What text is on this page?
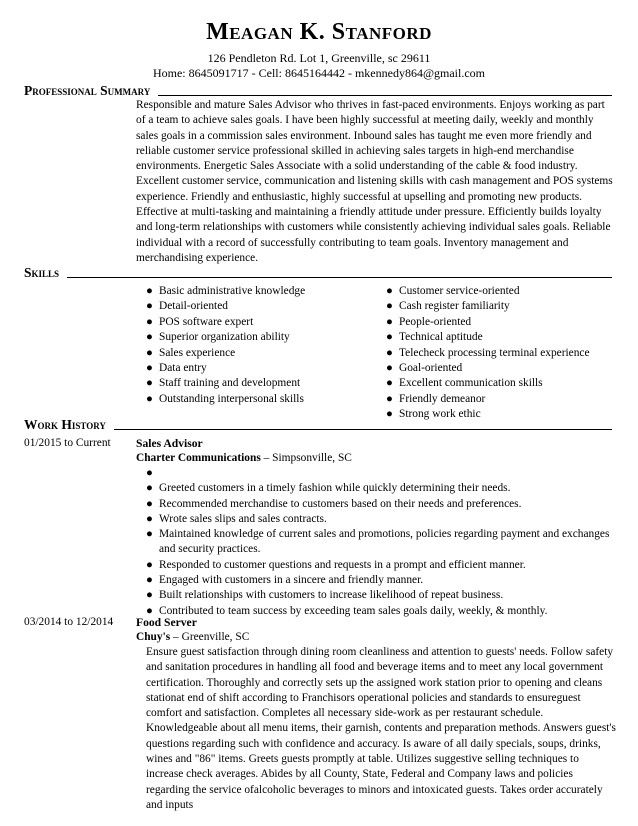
Meagan K. Stanford
126 Pendleton Rd. Lot 1, Greenville, sc 29611
Home: 8645091717 - Cell: 8645164442 - mkennedy864@gmail.com
Professional Summary

Responsible and mature Sales Advisor who thrives in fast-paced environments. Enjoys working as part of a team to achieve sales goals. I have been highly successful at meeting daily, weekly and monthly sales goals in a commission sales environment. Inbound sales has taught me even more friendly and reliable customer service professional skilled in achieving sales targets in high-end merchandise environments. Energetic Sales Associate with a solid understanding of the cable & food industry. Excellent customer service, communication and listening skills with cash management and POS systems experience. Friendly and enthusiastic, highly successful at upselling and promoting new products. Effective at multi-tasking and maintaining a friendly attitude under pressure. Efficiently builds loyalty and long-term relationships with customers while consistently achieving individual sales goals. Reliable individual with a record of successfully contributing to team goals. Inventory management and merchandising experience.

Skills
● Basic administrative knowledge
● Detail-oriented
● POS software expert
● Superior organization ability
● Sales experience
● Data entry
● Staff training and development
● Outstanding interpersonal skills
● Customer service-oriented
● Cash register familiarity
● People-oriented
● Technical aptitude
● Telecheck processing terminal experience
● Goal-oriented
● Excellent communication skills
● Friendly demeanor
● Strong work ethic
Work History
01/2015 to Current Sales Advisor
Charter Communications – Simpsonville, SC
●
● Greeted customers in a timely fashion while quickly determining their needs.
● Recommended merchandise to customers based on their needs and preferences.
● Wrote sales slips and sales contracts.
● Maintained knowledge of current sales and promotions, policies regarding payment and exchanges and security practices.
● Responded to customer questions and requests in a prompt and efficient manner.
● Engaged with customers in a sincere and friendly manner.
● Built relationships with customers to increase likelihood of repeat business.
● Contributed to team success by exceeding team sales goals daily, weekly, & monthly.
03/2014 to 12/2014 Food Server
Chuy's – Greenville, SC

Ensure guest satisfaction through dining room cleanliness and attention to guests' needs. Follow safety and sanitation procedures in handling all food and beverage items and to meet any local government certification. Thoroughly and correctly sets up the assigned work station prior to opening and cleans stationat end of shift according to Franchisors operational policies and standards to ensureguest comfort and satisfaction. Completes all necessary side-work as per restaurant schedule. Knowledgeable about all menu items, their garnish, contents and preparation methods. Answers guest's questions regarding such with confidence and accuracy. Is aware of all daily specials, soups, drinks, wines and "86" items. Greets guests promptly at table. Utilizes suggestive selling techniques to increase check averages. Abides by all County, State, Federal and Company laws and policies regarding the service ofalcoholic beverages to minors and intoxicated guests. Takes order accurately and inputs
